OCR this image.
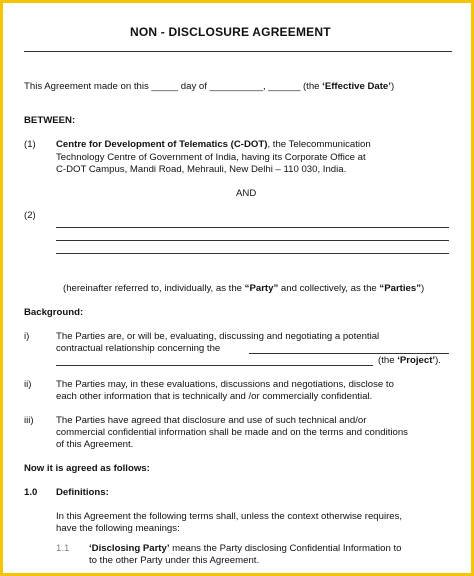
NON - DISCLOSURE AGREEMENT
This Agreement made on this _____ day of __________, ______ (the ‘Effective Date’)
BETWEEN:
(1) Centre for Development of Telematics (C-DOT), the Telecommunication
Technology Centre of Government of India, having its Corporate Office at
C-DOT Campus, Mandi Road, Mehrauli, New Delhi – 110 030, India.
AND
(2)
(hereinafter referred to, individually, as the “Party” and collectively, as the “Parties”)
Background:
i)	The Parties are, or will be, evaluating, discussing and negotiating a potential
contractual relationship concerning the
(the ‘Project’).
ii)	The Parties may, in these evaluations, discussions and negotiations, disclose to
each other information that is technically and /or commercially confidential.
iii) The Parties have agreed that disclosure and use of such technical and/or
commercial confidential information shall be made and on the terms and conditions
of this Agreement.
Now it is agreed as follows:
1.0 Definitions:
In this Agreement the following terms shall, unless the context otherwise requires,
have the following meanings:
1.1 ‘Disclosing Party’ means the Party disclosing Confidential Information to
to the other Party under this Agreement.
